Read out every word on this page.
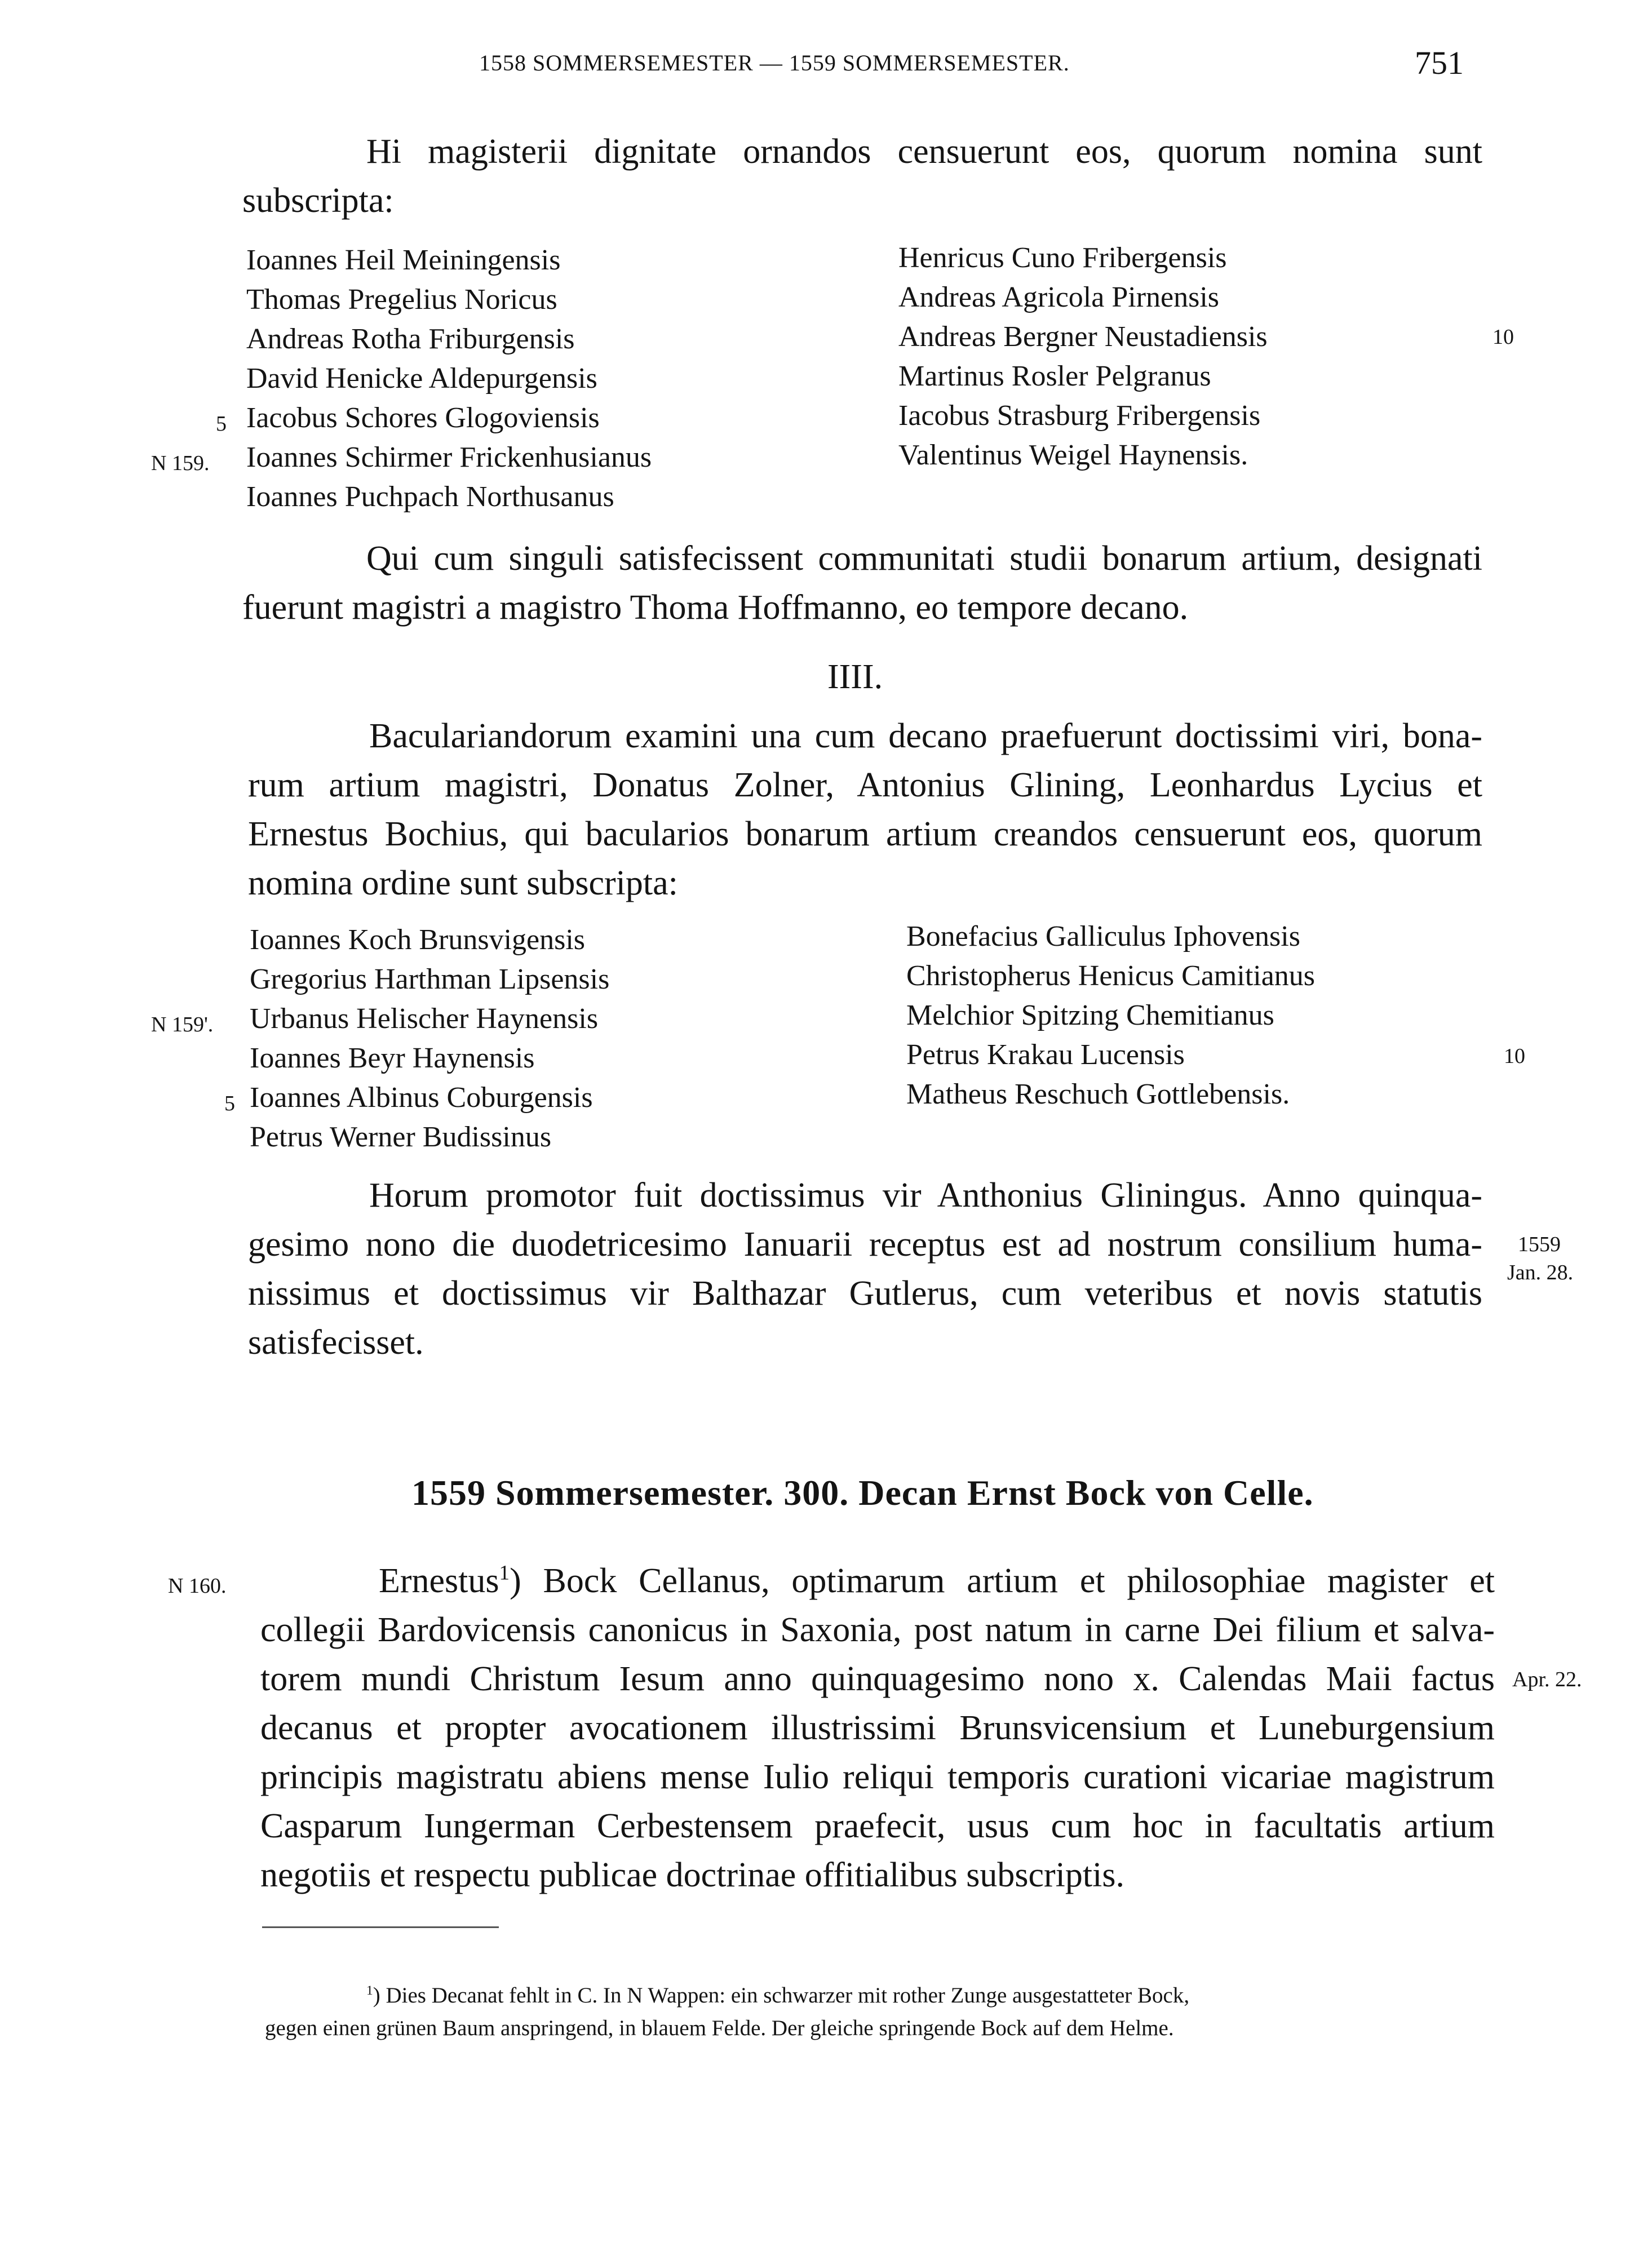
1558 SOMMERSEMESTER — 1559 SOMMERSEMESTER.	751
Hi magisterii dignitate ornandos censuerunt eos, quorum nomina sunt
subscripta:
Ioannes Heil Meiningensis
Thomas Pregelius Noricus
Andreas Rotha Friburgensis
David Henicke Aldepurgensis
Iacobus Schores Glogoviensis
Ioannes Schirmer Frickenhusianus
Ioannes Puchpach Northusanus
Henricus Cuno Fribergensis
Andreas Agricola Pirnensis
Andreas Bergner Neustadiensis
Martinus Rosler Pelgranus
Iacobus Strasburg Fribergensis
Valentinus Weigel Haynensis.
5
N 159.
10
Qui cum singuli satisfecissent communitati studii bonarum artium, designati
fuerunt magistri a magistro Thoma Hoffmanno, eo tempore decano.
IIII.
Baculariandorum examini una cum decano praefuerunt doctissimi viri, bona-
rum artium magistri, Donatus Zolner, Antonius Glining, Leonhardus Lycius et
Ernestus Bochius, qui bacularios bonarum artium creandos censuerunt eos, quorum
nomina ordine sunt subscripta:
Ioannes Koch Brunsvigensis
Gregorius Harthman Lipsensis
Urbanus Helischer Haynensis
Ioannes Beyr Haynensis
Ioannes Albinus Coburgensis
Petrus Werner Budissinus
Bonefacius Galliculus Iphovensis
Christopherus Henicus Camitianus
Melchior Spitzing Chemitianus
Petrus Krakau Lucensis
Matheus Reschuch Gottlebensis.
N 159'.
5
10
Horum promotor fuit doctissimus vir Anthonius Gliningus. Anno quinqua-
gesimo nono die duodetricesimo Ianuarii receptus est ad nostrum consilium huma-
nissimus et doctissimus vir Balthazar Gutlerus, cum veteribus et novis statutis
satisfecisset.
1559
Jan. 28.
1559 Sommersemester. 300. Decan Ernst Bock von Celle.
N 160.	Ernestus$^1$) Bock Cellanus, optimarum artium et philosophiae magister et
collegii Bardovicensis canonicus in Saxonia, post natum in carne Dei filium et salva-
torem mundi Christum Iesum anno quinquagesimo nono x. Calendas Maii factus
decanus et propter avocationem illustrissimi Brunsvicensium et Luneburgensium
principis magistratu abiens mense Iulio reliqui temporis curationi vicariae magistrum
Casparum Iungerman Cerbestensem praefecit, usus cum hoc in facultatis artium
negotiis et respectu publicae doctrinae offitialibus subscriptis.
Apr. 22.
$^1$) Dies Decanat fehlt in C. In N Wappen: ein schwarzer mit rother Zunge ausgestatteter Bock,
gegen einen grünen Baum anspringend, in blauem Felde. Der gleiche springende Bock auf dem Helme.
